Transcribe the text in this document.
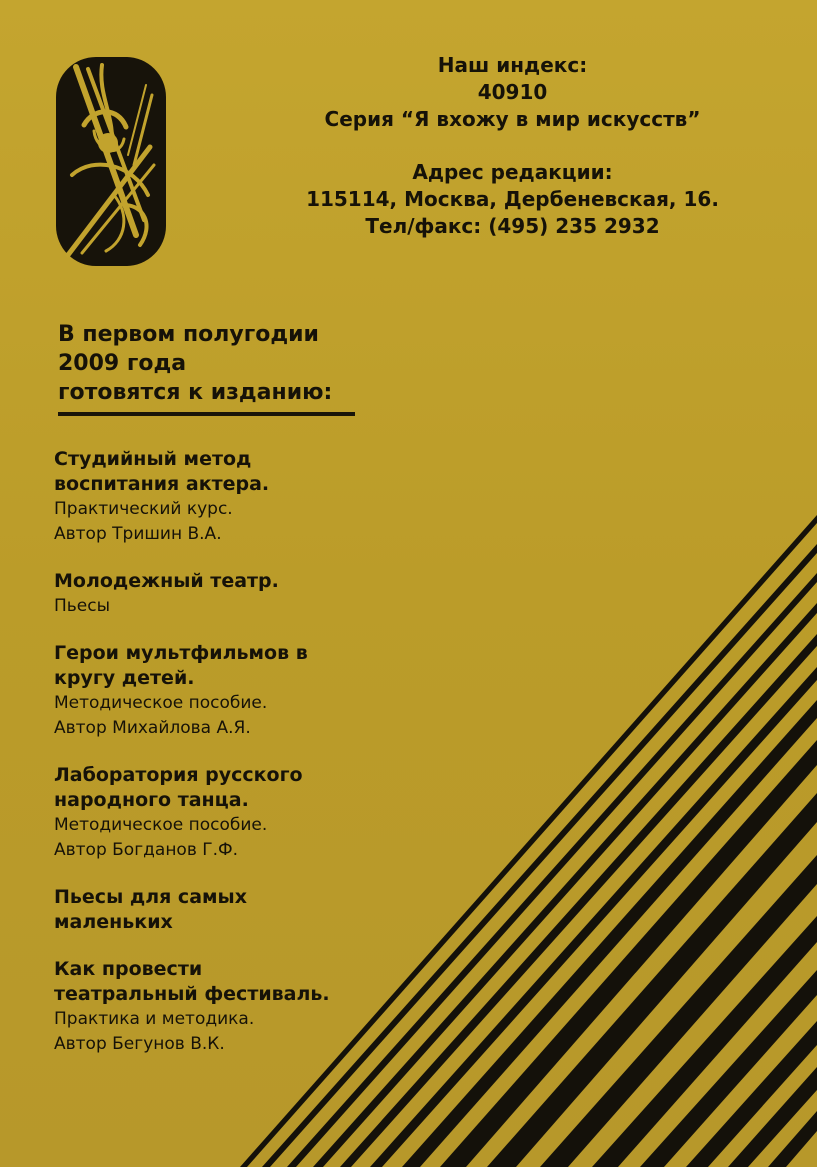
Наш индекс:
40910
Серия “Я вхожу в мир искусств”
Адрес редакции:
115114, Москва, Дербеневская, 16.
Тел/факс: (495) 235 2932
В первом полугодии
2009 года
готовятся к изданию:
Студийный метод
воспитания актера.
Практический курс.
Автор Тришин В.А.
Молодежный театр.
Пьесы
Герои мультфильмов в
кругу детей.
Методическое пособие.
Автор Михайлова А.Я.
Лаборатория русского
народного танца.
Методическое пособие.
Автор Богданов Г.Ф.
Пьесы для самых
маленьких
Как провести
театральный фестиваль.
Практика и методика.
Автор Бегунов В.К.
